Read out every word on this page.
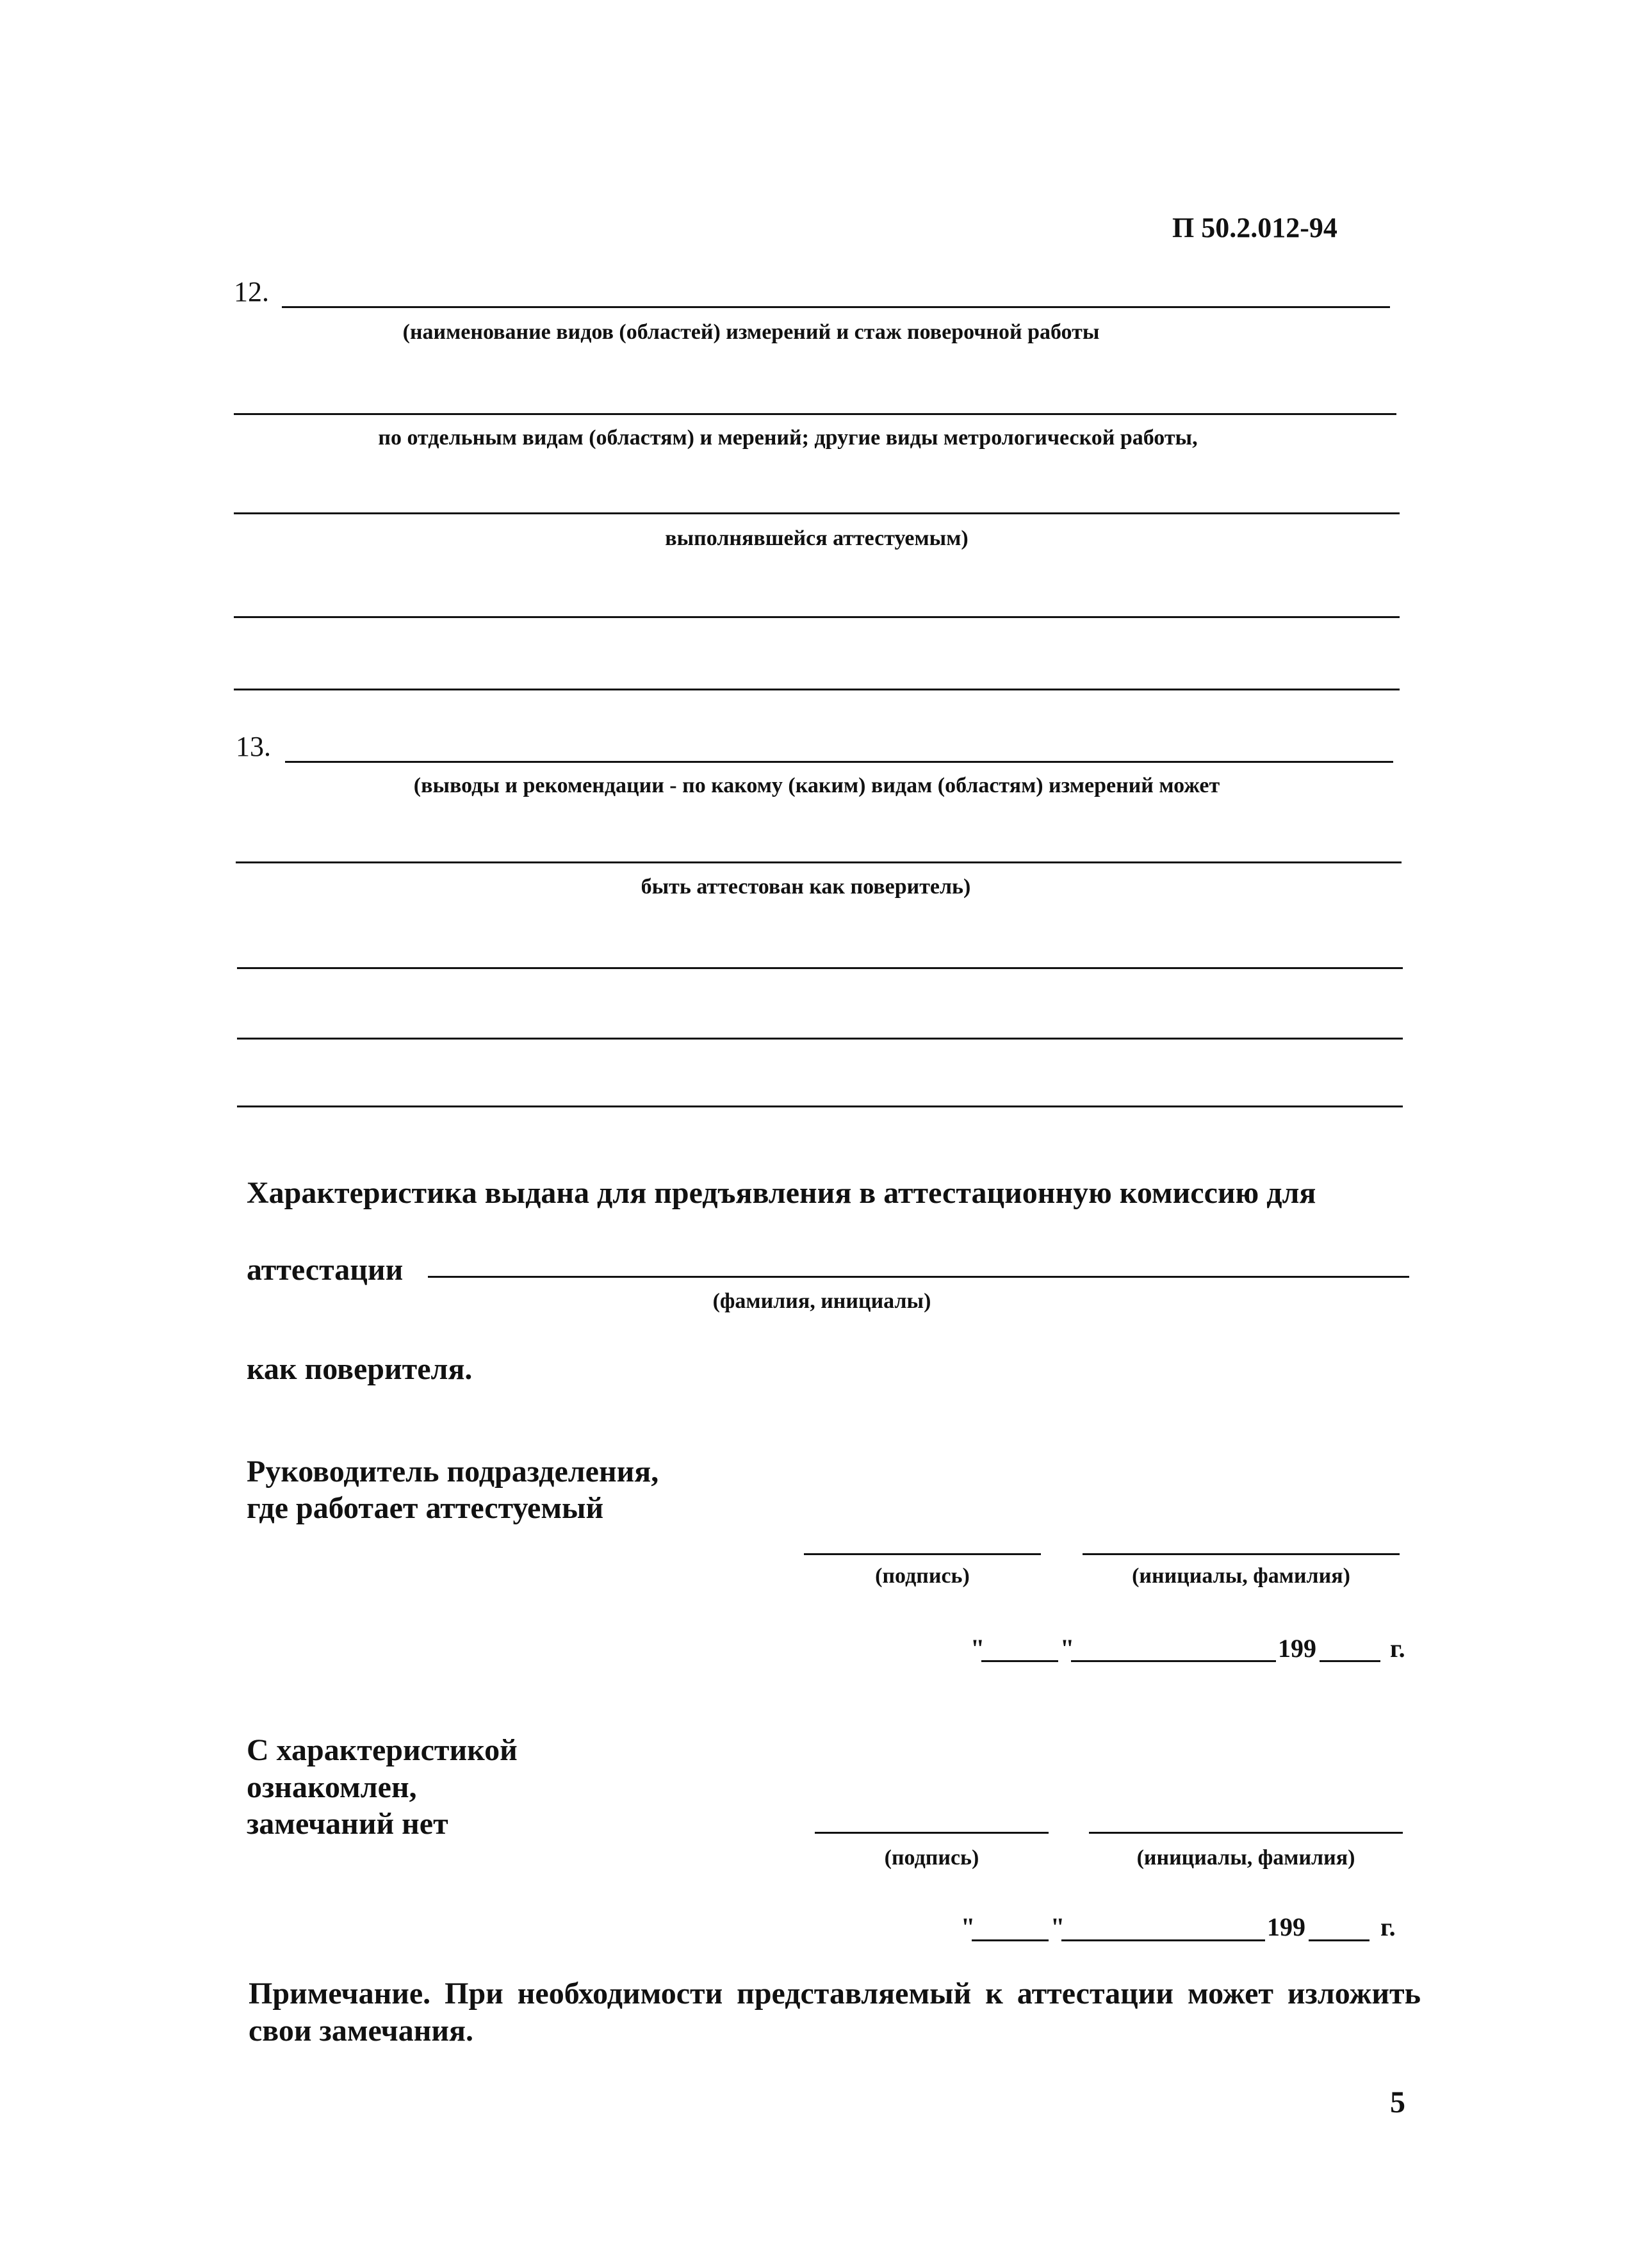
П 50.2.012-94
12.
(наименование видов (областей) измерений и стаж поверочной работы
по отдельным видам (областям) и мерений; другие виды метрологической работы,
выполнявшейся аттестуемым)
13.
(выводы и рекомендации - по какому (каким) видам (областям) измерений может
быть аттестован как поверитель)
Характеристика выдана для предъявления в аттестационную комиссию для
аттестации
(фамилия, инициалы)
как поверителя.
Руководитель подразделения,
где работает аттестуемый
(подпись)	(инициалы, фамилия)
"	"	199	г.
С характеристикой
ознакомлен,
замечаний нет
(подпись)	(инициалы, фамилия)
"	"	199	г.
Примечание. При необходимости представляемый к аттестации может изложить
свои замечания.
5
